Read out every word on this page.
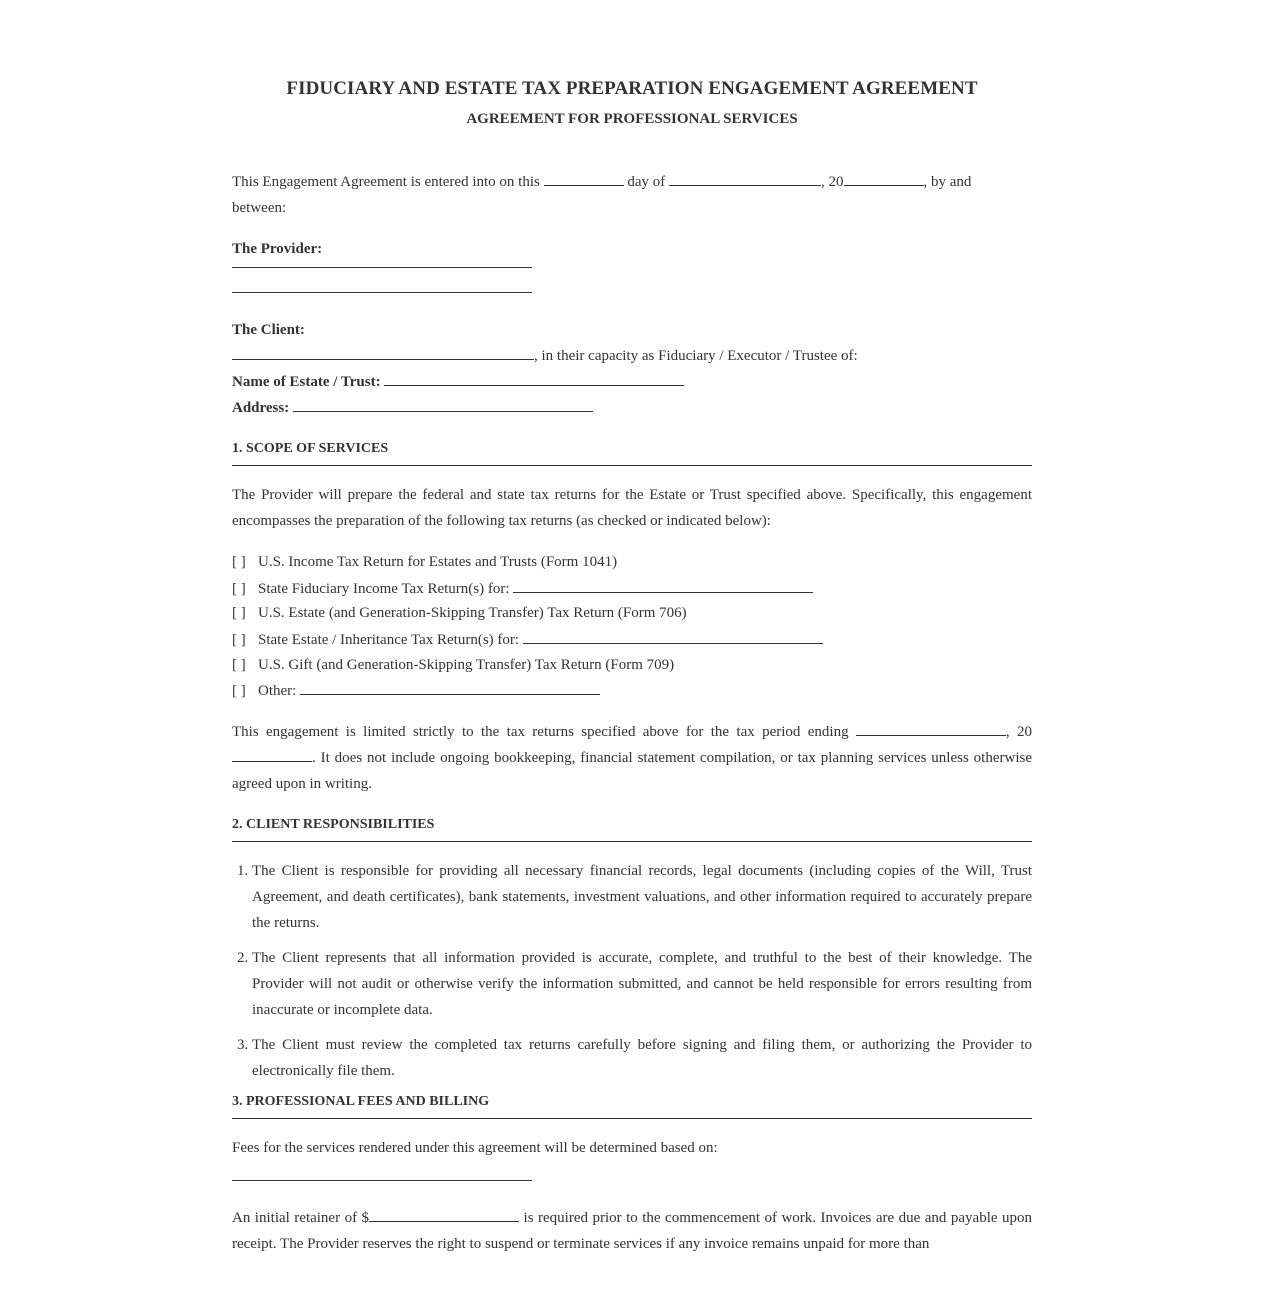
FIDUCIARY AND ESTATE TAX PREPARATION ENGAGEMENT AGREEMENT
AGREEMENT FOR PROFESSIONAL SERVICES

This Engagement Agreement is entered into on this	day of	, 20	, by and
between:

The Provider:

The Client:

, in their capacity as Fiduciary / Executor / Trustee of:

Name of Estate / Trust:

Address:

1. SCOPE OF SERVICES

The Provider will prepare the federal and state tax returns for the Estate or Trust specified above. Specifically, this engagement encompasses the preparation of the following tax returns (as checked or indicated below):

[ ] U.S. Income Tax Return for Estates and Trusts (Form 1041)
[ ] State Fiduciary Income Tax Return(s) for:
[ ] U.S. Estate (and Generation-Skipping Transfer) Tax Return (Form 706)
[ ] State Estate / Inheritance Tax Return(s) for:
[ ] U.S. Gift (and Generation-Skipping Transfer) Tax Return (Form 709)
[ ] Other:

This engagement is limited strictly to the tax returns specified above for the tax period ending	, 20 . It does not include ongoing bookkeeping, financial statement compilation, or tax planning services unless otherwise agreed upon in writing.

2. CLIENT RESPONSIBILITIES
1. The Client is responsible for providing all necessary financial records, legal documents (including copies of the Will, Trust Agreement, and death certificates), bank statements, investment valuations, and other information required to accurately prepare the returns.
2. The Client represents that all information provided is accurate, complete, and truthful to the best of their knowledge. The Provider will not audit or otherwise verify the information submitted, and cannot be held responsible for errors resulting from inaccurate or incomplete data.
3. The Client must review the completed tax returns carefully before signing and filing them, or authorizing the Provider to electronically file them.
3. PROFESSIONAL FEES AND BILLING

Fees for the services rendered under this agreement will be determined based on:

An initial retainer of $	is required prior to the commencement of work. Invoices are due and payable upon receipt. The Provider reserves the right to suspend or terminate services if any invoice remains unpaid for more than
